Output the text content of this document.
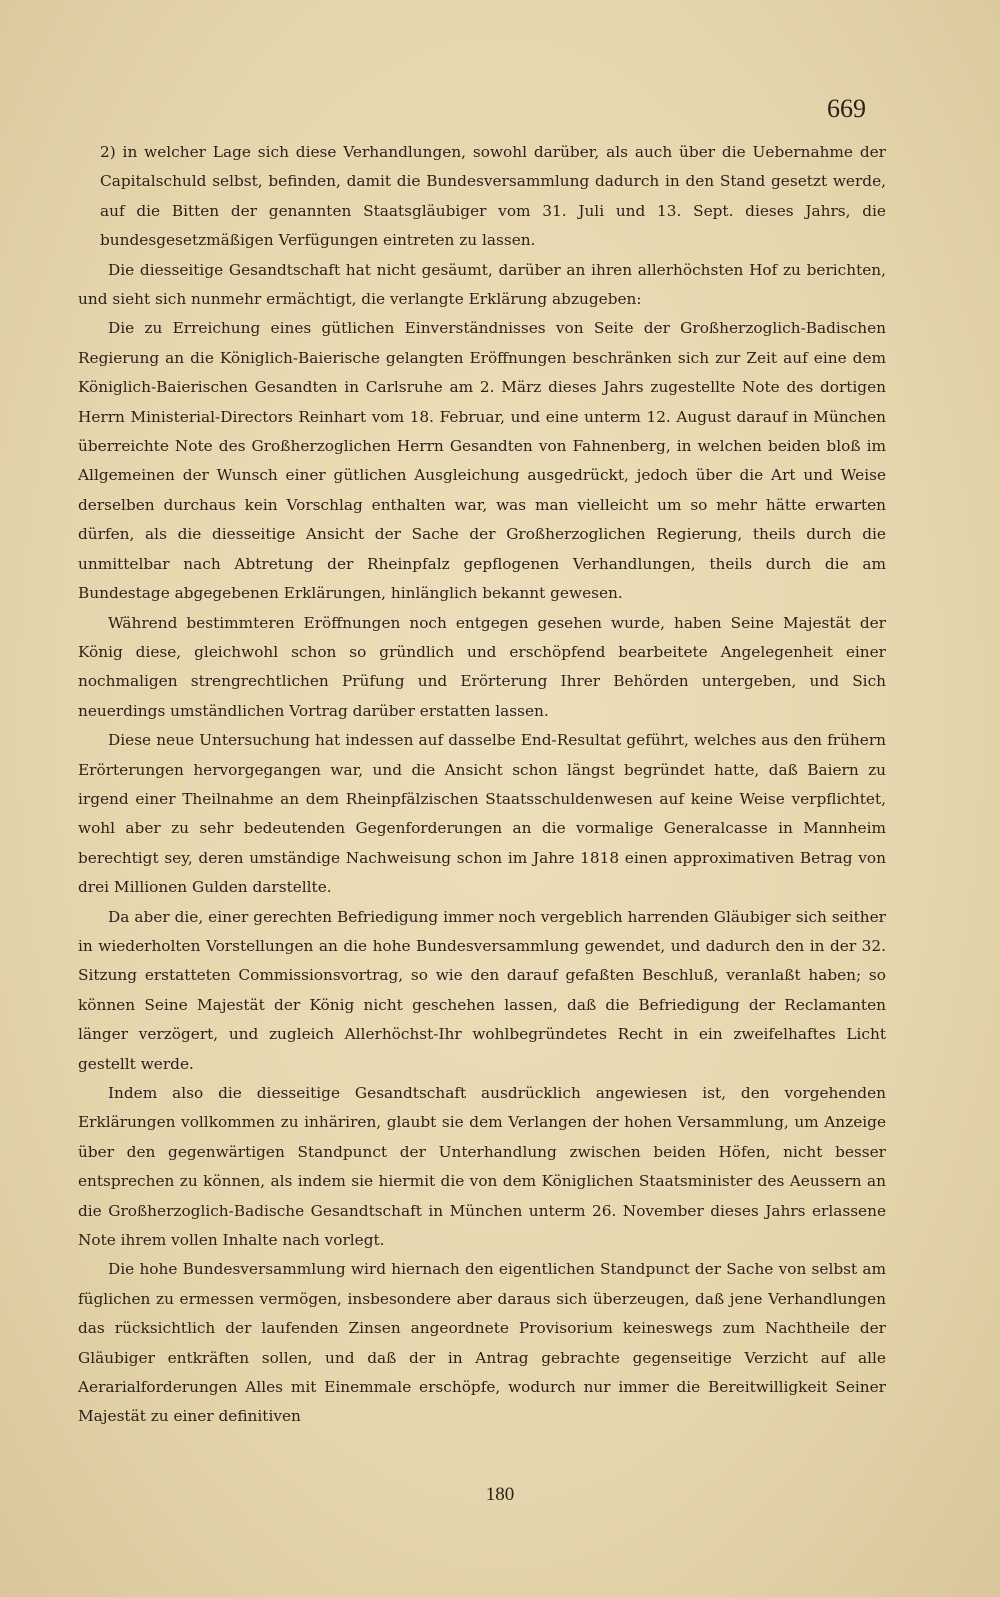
669

2) in welcher Lage sich diese Verhandlungen, sowohl darüber, als auch über die Uebernahme der Capitalschuld selbst, befinden, damit die Bundesversammlung dadurch in den Stand gesetzt werde, auf die Bitten der genannten Staatsgläubiger vom 31. Juli und 13. Sept. dieses Jahrs, die bundesgesetzmäßigen Verfügungen eintreten zu lassen.

Die diesseitige Gesandtschaft hat nicht gesäumt, darüber an ihren allerhöchsten Hof zu berichten, und sieht sich nunmehr ermächtigt, die verlangte Erklärung abzugeben:

Die zu Erreichung eines gütlichen Einverständnisses von Seite der Großherzoglich-Badischen Regierung an die Königlich-Baierische gelangten Eröffnungen beschränken sich zur Zeit auf eine dem Königlich-Baierischen Gesandten in Carlsruhe am 2. März dieses Jahrs zugestellte Note des dortigen Herrn Ministerial-Directors Reinhart vom 18. Februar, und eine unterm 12. August darauf in München überreichte Note des Großherzoglichen Herrn Gesandten von Fahnenberg, in welchen beiden bloß im Allgemeinen der Wunsch einer gütlichen Ausgleichung ausgedrückt, jedoch über die Art und Weise derselben durchaus kein Vorschlag enthalten war, was man vielleicht um so mehr hätte erwarten dürfen, als die diesseitige Ansicht der Sache der Großherzoglichen Regierung, theils durch die unmittelbar nach Abtretung der Rheinpfalz gepflogenen Verhandlungen, theils durch die am Bundestage abgegebenen Erklärungen, hinlänglich bekannt gewesen.

Während bestimmteren Eröffnungen noch entgegen gesehen wurde, haben Seine Majestät der König diese, gleichwohl schon so gründlich und erschöpfend bearbeitete Angelegenheit einer nochmaligen strengrechtlichen Prüfung und Erörterung Ihrer Behörden untergeben, und Sich neuerdings umständlichen Vortrag darüber erstatten lassen.

Diese neue Untersuchung hat indessen auf dasselbe End-Resultat geführt, welches aus den frühern Erörterungen hervorgegangen war, und die Ansicht schon längst begründet hatte, daß Baiern zu irgend einer Theilnahme an dem Rheinpfälzischen Staatsschuldenwesen auf keine Weise verpflichtet, wohl aber zu sehr bedeutenden Gegenforderungen an die vormalige Generalcasse in Mannheim berechtigt sey, deren umständige Nachweisung schon im Jahre 1818 einen approximativen Betrag von drei Millionen Gulden darstellte.

Da aber die, einer gerechten Befriedigung immer noch vergeblich harrenden Gläubiger sich seither in wiederholten Vorstellungen an die hohe Bundesversammlung gewendet, und dadurch den in der 32. Sitzung erstatteten Commissionsvortrag, so wie den darauf gefaßten Beschluß, veranlaßt haben; so können Seine Majestät der König nicht geschehen lassen, daß die Befriedigung der Reclamanten länger verzögert, und zugleich Allerhöchst-Ihr wohlbegründetes Recht in ein zweifelhaftes Licht gestellt werde.

Indem also die diesseitige Gesandtschaft ausdrücklich angewiesen ist, den vorgehenden Erklärungen vollkommen zu inhäriren, glaubt sie dem Verlangen der hohen Versammlung, um Anzeige über den gegenwärtigen Standpunct der Unterhandlung zwischen beiden Höfen, nicht besser entsprechen zu können, als indem sie hiermit die von dem Königlichen Staatsminister des Aeussern an die Großherzoglich-Badische Gesandtschaft in München unterm 26. November dieses Jahrs erlassene Note ihrem vollen Inhalte nach vorlegt.

Die hohe Bundesversammlung wird hiernach den eigentlichen Standpunct der Sache von selbst am füglichen zu ermessen vermögen, insbesondere aber daraus sich überzeugen, daß jene Verhandlungen das rücksichtlich der laufenden Zinsen angeordnete Provisorium keineswegs zum Nachtheile der Gläubiger entkräften sollen, und daß der in Antrag gebrachte gegenseitige Verzicht auf alle Aerarialforderungen Alles mit Einemmale erschöpfe, wodurch nur immer die Bereitwilligkeit Seiner Majestät zu einer definitiven

180
